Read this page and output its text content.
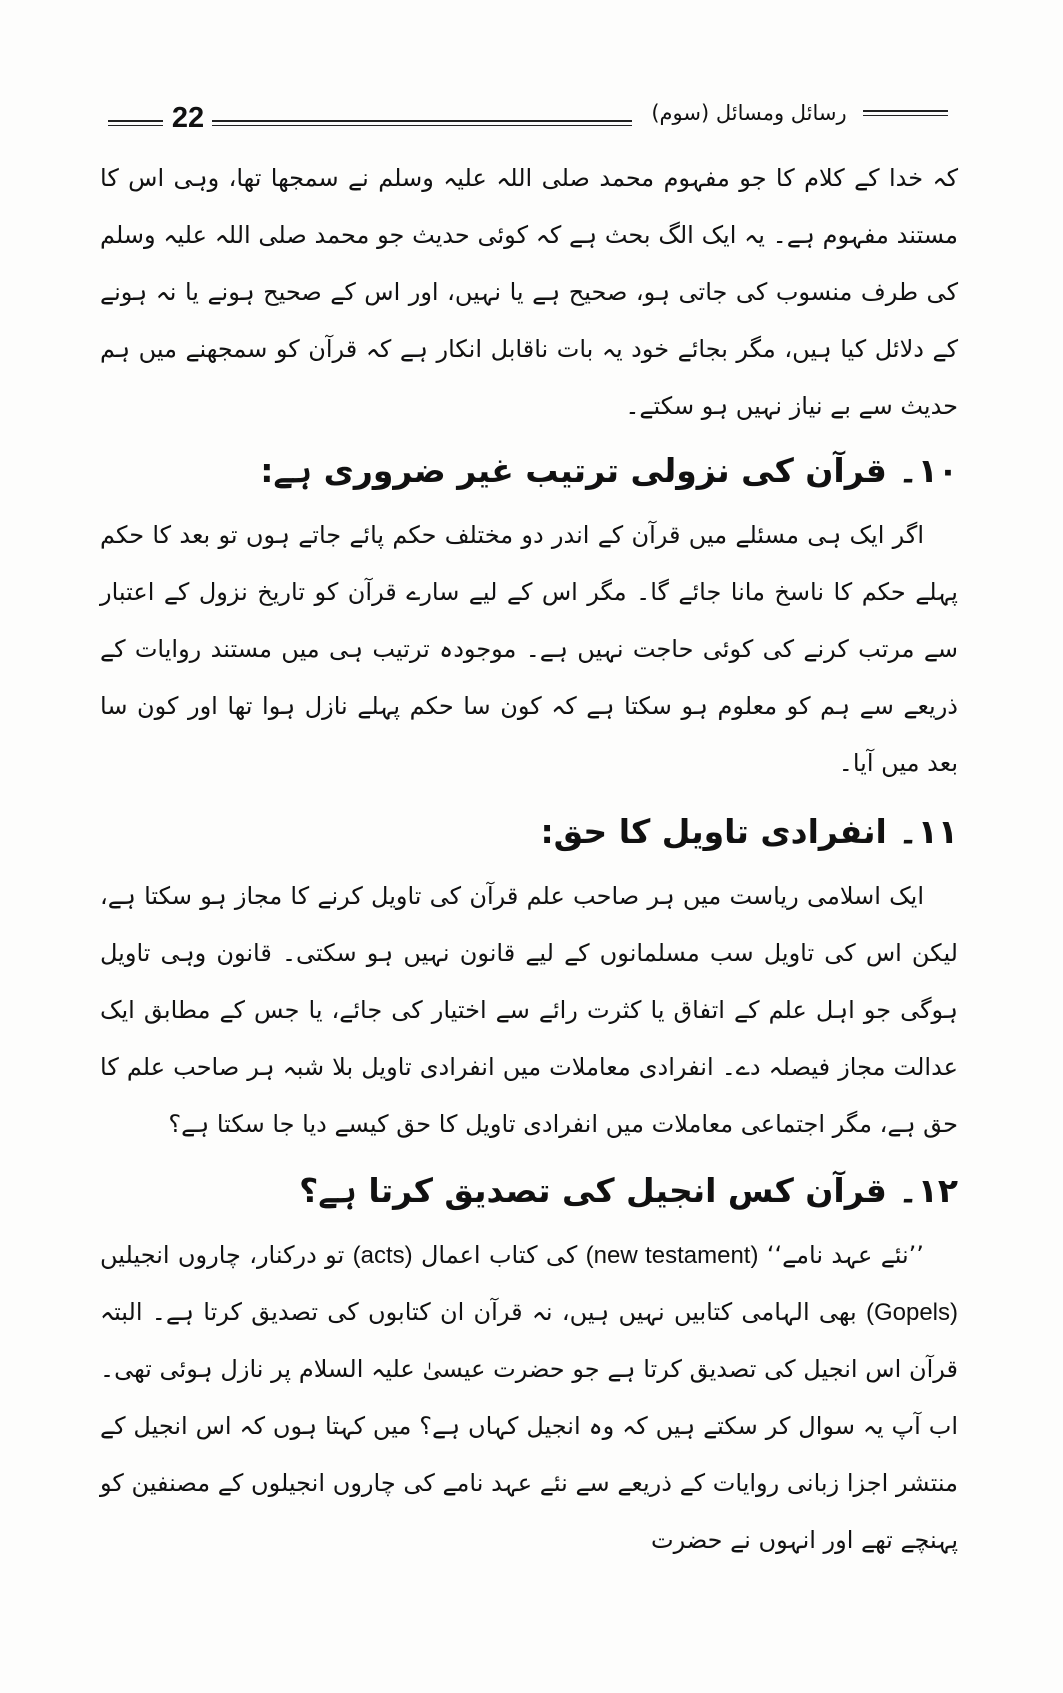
22	رسائل ومسائل (سوم)

کہ خدا کے کلام کا جو مفہوم محمد صلی اللہ علیہ وسلم نے سمجھا تھا، وہی اس کا مستند مفہوم ہے۔ یہ ایک الگ بحث ہے کہ کوئی حدیث جو محمد صلی اللہ علیہ وسلم کی طرف منسوب کی جاتی ہو، صحیح ہے یا نہیں، اور اس کے صحیح ہونے یا نہ ہونے کے دلائل کیا ہیں، مگر بجائے خود یہ بات ناقابل انکار ہے کہ قرآن کو سمجھنے میں ہم حدیث سے بے نیاز نہیں ہو سکتے۔

۱۰۔ قرآن کی نزولی ترتیب غیر ضروری ہے:

اگر ایک ہی مسئلے میں قرآن کے اندر دو مختلف حکم پائے جاتے ہوں تو بعد کا حکم پہلے حکم کا ناسخ مانا جائے گا۔ مگر اس کے لیے سارے قرآن کو تاریخ نزول کے اعتبار سے مرتب کرنے کی کوئی حاجت نہیں ہے۔ موجودہ ترتیب ہی میں مستند روایات کے ذریعے سے ہم کو معلوم ہو سکتا ہے کہ کون سا حکم پہلے نازل ہوا تھا اور کون سا بعد میں آیا۔

۱۱۔ انفرادی تاویل کا حق:

ایک اسلامی ریاست میں ہر صاحب علم قرآن کی تاویل کرنے کا مجاز ہو سکتا ہے، لیکن اس کی تاویل سب مسلمانوں کے لیے قانون نہیں ہو سکتی۔ قانون وہی تاویل ہوگی جو اہل علم کے اتفاق یا کثرت رائے سے اختیار کی جائے، یا جس کے مطابق ایک عدالت مجاز فیصلہ دے۔ انفرادی معاملات میں انفرادی تاویل بلا شبہ ہر صاحب علم کا حق ہے، مگر اجتماعی معاملات میں انفرادی تاویل کا حق کیسے دیا جا سکتا ہے؟

۱۲۔ قرآن کس انجیل کی تصدیق کرتا ہے؟

’’نئے عہد نامے‘‘ (new testament) کی کتاب اعمال (acts) تو درکنار، چاروں انجیلیں (Gopels) بھی الہامی کتابیں نہیں ہیں، نہ قرآن ان کتابوں کی تصدیق کرتا ہے۔ البتہ قرآن اس انجیل کی تصدیق کرتا ہے جو حضرت عیسیٰ علیہ السلام پر نازل ہوئی تھی۔ اب آپ یہ سوال کر سکتے ہیں کہ وہ انجیل کہاں ہے؟ میں کہتا ہوں کہ اس انجیل کے منتشر اجزا زبانی روایات کے ذریعے سے نئے عہد نامے کی چاروں انجیلوں کے مصنفین کو پہنچے تھے اور انہوں نے حضرت
